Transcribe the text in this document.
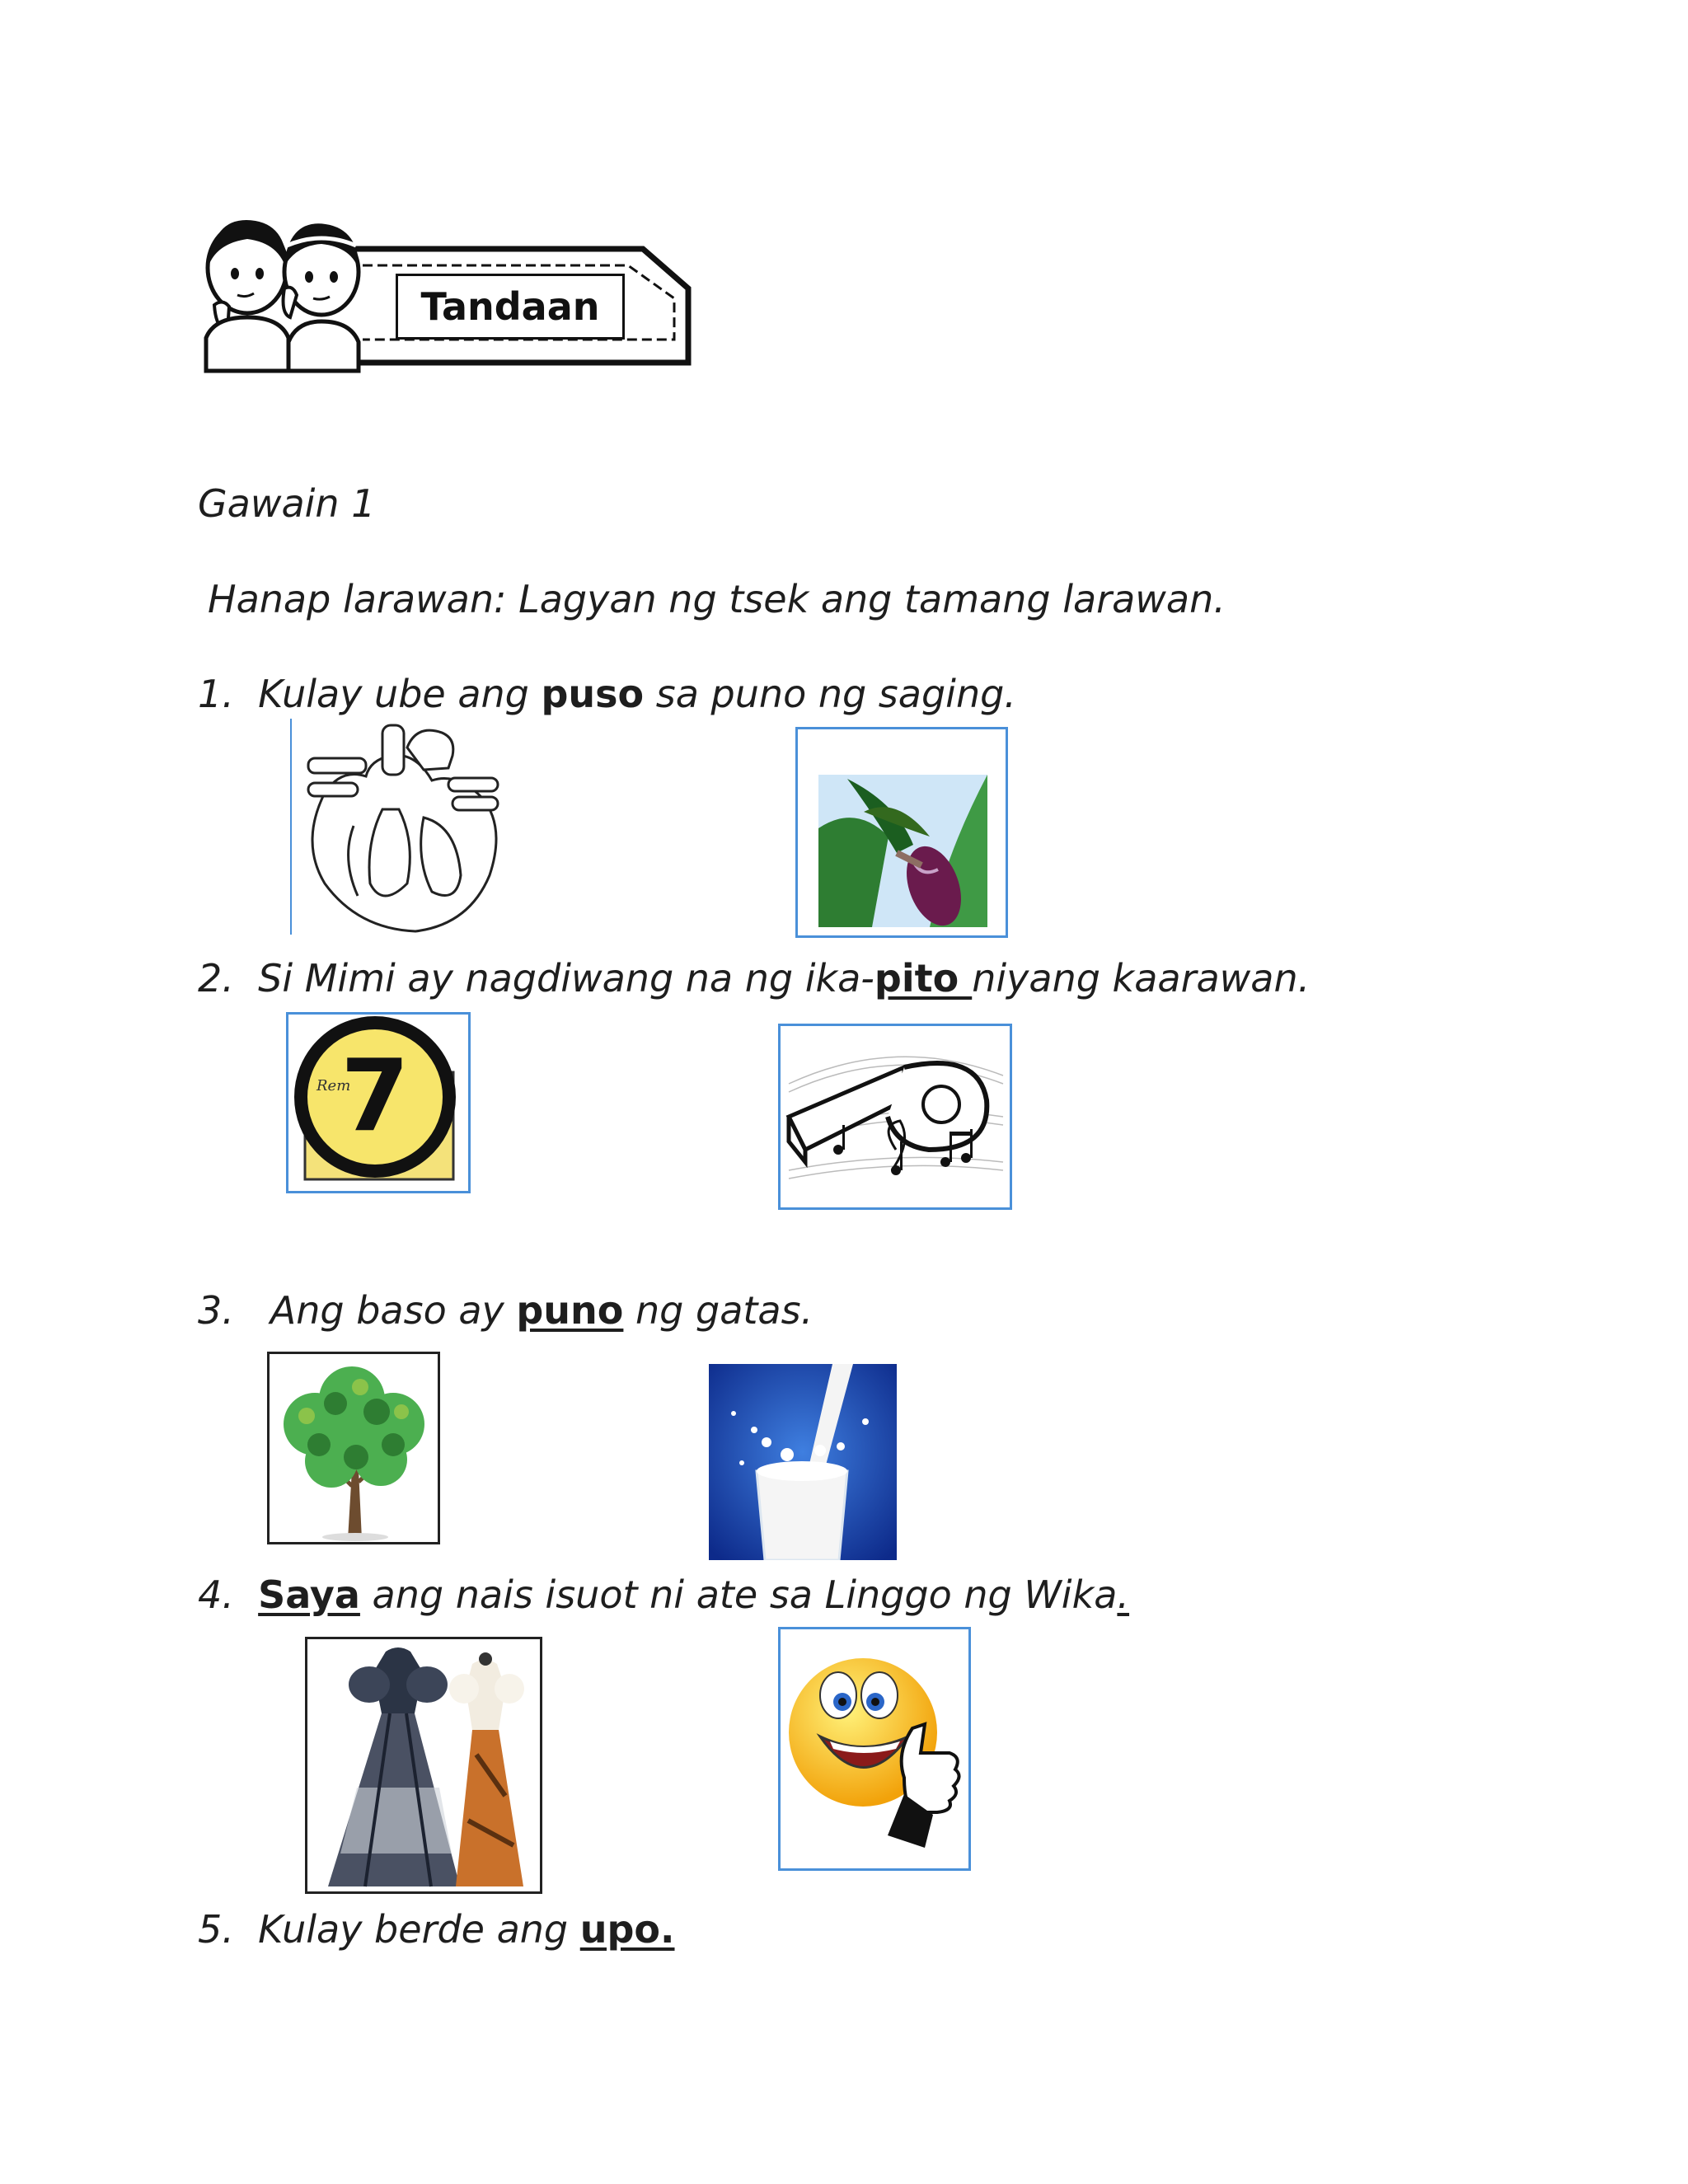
Tandaan
Gawain 1
Hanap larawan: Lagyan ng tsek ang tamang larawan.
1. Kulay ube ang puso sa puno ng saging.
2. Si Mimi ay nagdiwang na ng ika-pito niyang kaarawan.
Rem
7
3. Ang baso ay puno ng gatas.
4. Saya ang nais isuot ni ate sa Linggo ng Wika.
5. Kulay berde ang upo.
